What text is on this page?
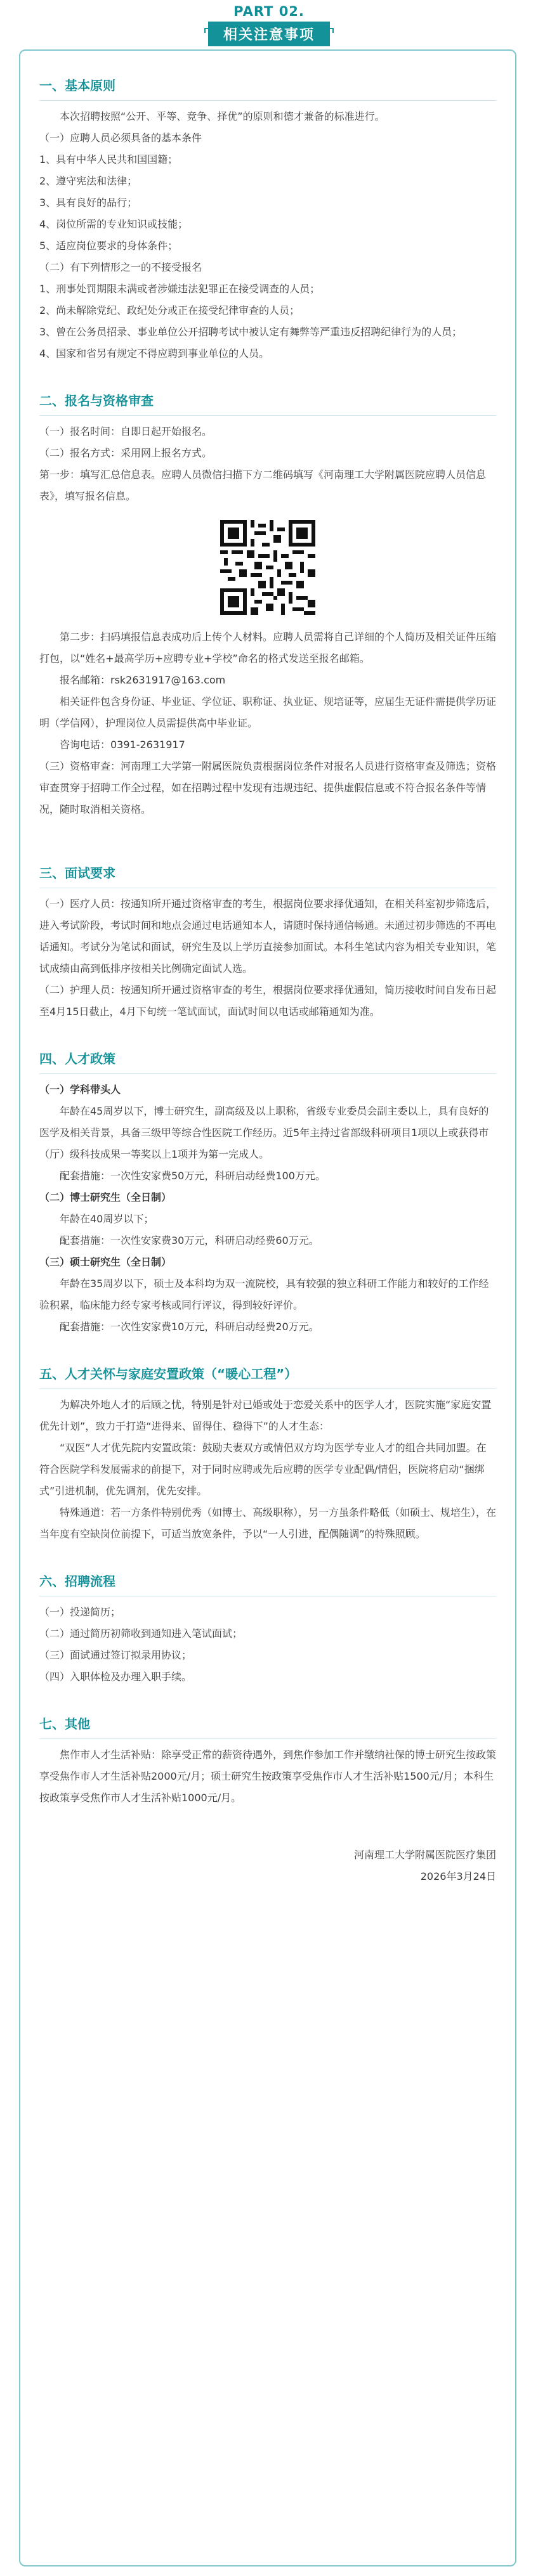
PART 02.
相关注意事项
一、基本原则

本次招聘按照“公开、平等、竞争、择优”的原则和德才兼备的标准进行。

（一）应聘人员必须具备的基本条件

1、具有中华人民共和国国籍；

2、遵守宪法和法律；

3、具有良好的品行；

4、岗位所需的专业知识或技能；

5、适应岗位要求的身体条件；

（二）有下列情形之一的不接受报名

1、刑事处罚期限未满或者涉嫌违法犯罪正在接受调查的人员；

2、尚未解除党纪、政纪处分或正在接受纪律审查的人员；

3、曾在公务员招录、事业单位公开招聘考试中被认定有舞弊等严重违反招聘纪律行为的人员；

4、国家和省另有规定不得应聘到事业单位的人员。

二、报名与资格审查

（一）报名时间：自即日起开始报名。

（二）报名方式：采用网上报名方式。

第一步：填写汇总信息表。应聘人员微信扫描下方二维码填写《河南理工大学附属医院应聘人员信息表》，填写报名信息。

第二步：扫码填报信息表成功后上传个人材料。应聘人员需将自己详细的个人简历及相关证件压缩打包，以“姓名+最高学历+应聘专业+学校”命名的格式发送至报名邮箱。

报名邮箱：rsk2631917@163.com

相关证件包含身份证、毕业证、学位证、职称证、执业证、规培证等，应届生无证件需提供学历证明（学信网），护理岗位人员需提供高中毕业证。

咨询电话：0391-2631917

（三）资格审查：河南理工大学第一附属医院负责根据岗位条件对报名人员进行资格审查及筛选；资格审查贯穿于招聘工作全过程，如在招聘过程中发现有违规违纪、提供虚假信息或不符合报名条件等情况，随时取消相关资格。

三、面试要求

（一）医疗人员：按通知所开通过资格审查的考生，根据岗位要求择优通知，在相关科室初步筛选后，进入考试阶段，考试时间和地点会通过电话通知本人，请随时保持通信畅通。未通过初步筛选的不再电话通知。考试分为笔试和面试，研究生及以上学历直接参加面试。本科生笔试内容为相关专业知识，笔试成绩由高到低排序按相关比例确定面试人选。

（二）护理人员：按通知所开通过资格审查的考生，根据岗位要求择优通知，简历接收时间自发布日起至4月15日截止，4月下旬统一笔试面试，面试时间以电话或邮箱通知为准。

四、人才政策

（一）学科带头人

年龄在45周岁以下，博士研究生，副高级及以上职称，省级专业委员会副主委以上，具有良好的医学及相关背景，具备三级甲等综合性医院工作经历。近5年主持过省部级科研项目1项以上或获得市（厅）级科技成果一等奖以上1项并为第一完成人。

配套措施：一次性安家费50万元，科研启动经费100万元。

（二）博士研究生（全日制）

年龄在40周岁以下；

配套措施：一次性安家费30万元，科研启动经费60万元。

（三）硕士研究生（全日制）

年龄在35周岁以下，硕士及本科均为双一流院校，具有较强的独立科研工作能力和较好的工作经验积累，临床能力经专家考核或同行评议，得到较好评价。

配套措施：一次性安家费10万元，科研启动经费20万元。

五、人才关怀与家庭安置政策（“暖心工程”）

为解决外地人才的后顾之忧，特别是针对已婚或处于恋爱关系中的医学人才，医院实施“家庭安置优先计划”，致力于打造“进得来、留得住、稳得下”的人才生态：

“双医”人才优先院内安置政策：鼓励夫妻双方或情侣双方均为医学专业人才的组合共同加盟。在符合医院学科发展需求的前提下，对于同时应聘或先后应聘的医学专业配偶/情侣，医院将启动“捆绑式”引进机制，优先调剂，优先安排。

特殊通道：若一方条件特别优秀（如博士、高级职称），另一方虽条件略低（如硕士、规培生），在当年度有空缺岗位前提下，可适当放宽条件，予以“一人引进，配偶随调”的特殊照顾。

六、招聘流程

（一）投递简历；

（二）通过简历初筛收到通知进入笔试面试；

（三）面试通过签订拟录用协议；

（四）入职体检及办理入职手续。

七、其他

焦作市人才生活补贴：除享受正常的薪资待遇外，到焦作参加工作并缴纳社保的博士研究生按政策享受焦作市人才生活补贴2000元/月；硕士研究生按政策享受焦作市人才生活补贴1500元/月；本科生按政策享受焦作市人才生活补贴1000元/月。

河南理工大学附属医院医疗集团

2026年3月24日
